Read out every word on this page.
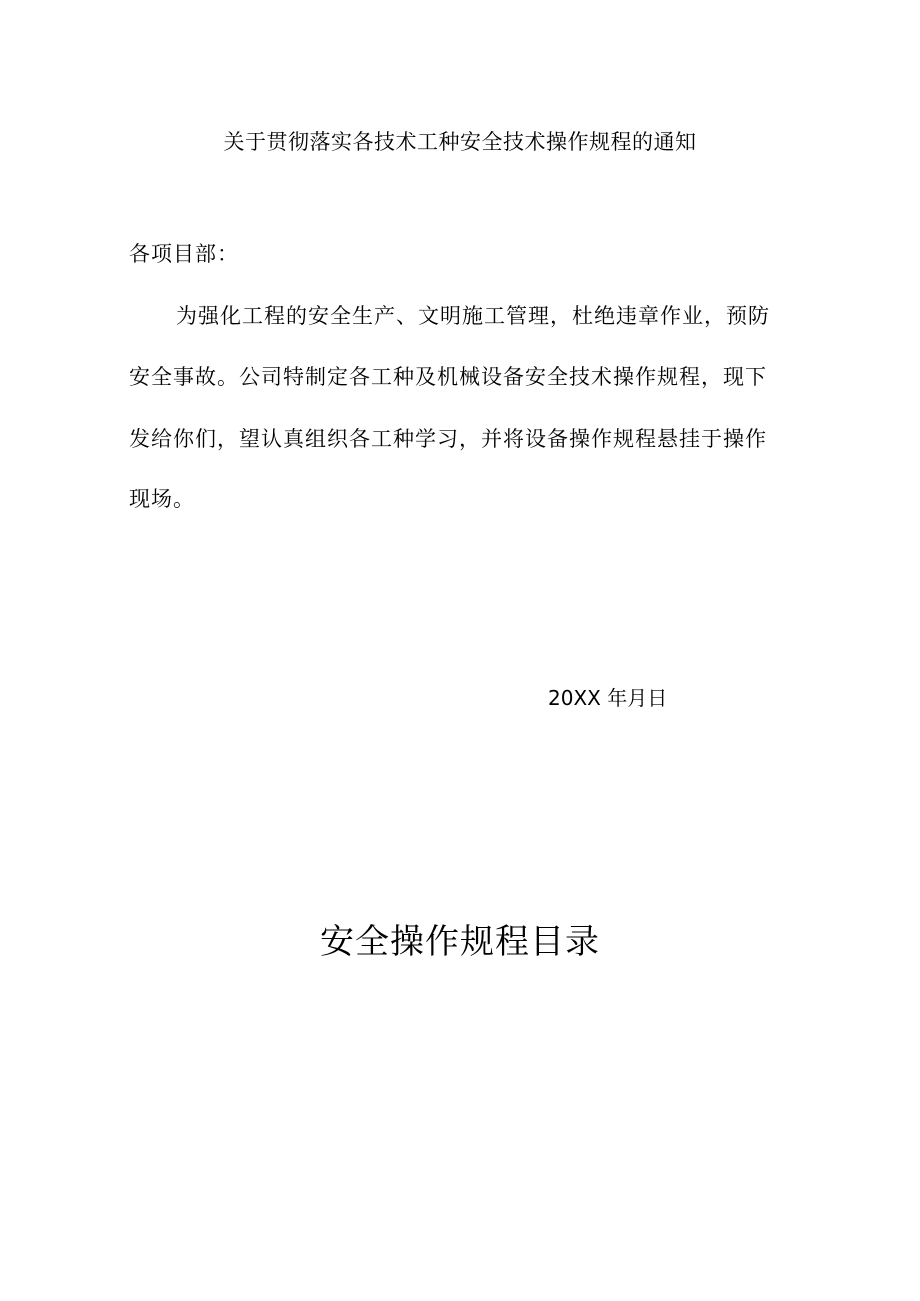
关于贯彻落实各技术工种安全技术操作规程的通知
各项目部：
为强化工程的安全生产、文明施工管理，杜绝违章作业，预防
安全事故。公司特制定各工种及机械设备安全技术操作规程，现下
发给你们，望认真组织各工种学习，并将设备操作规程悬挂于操作
现场。
20XX 年月日
安全操作规程目录
